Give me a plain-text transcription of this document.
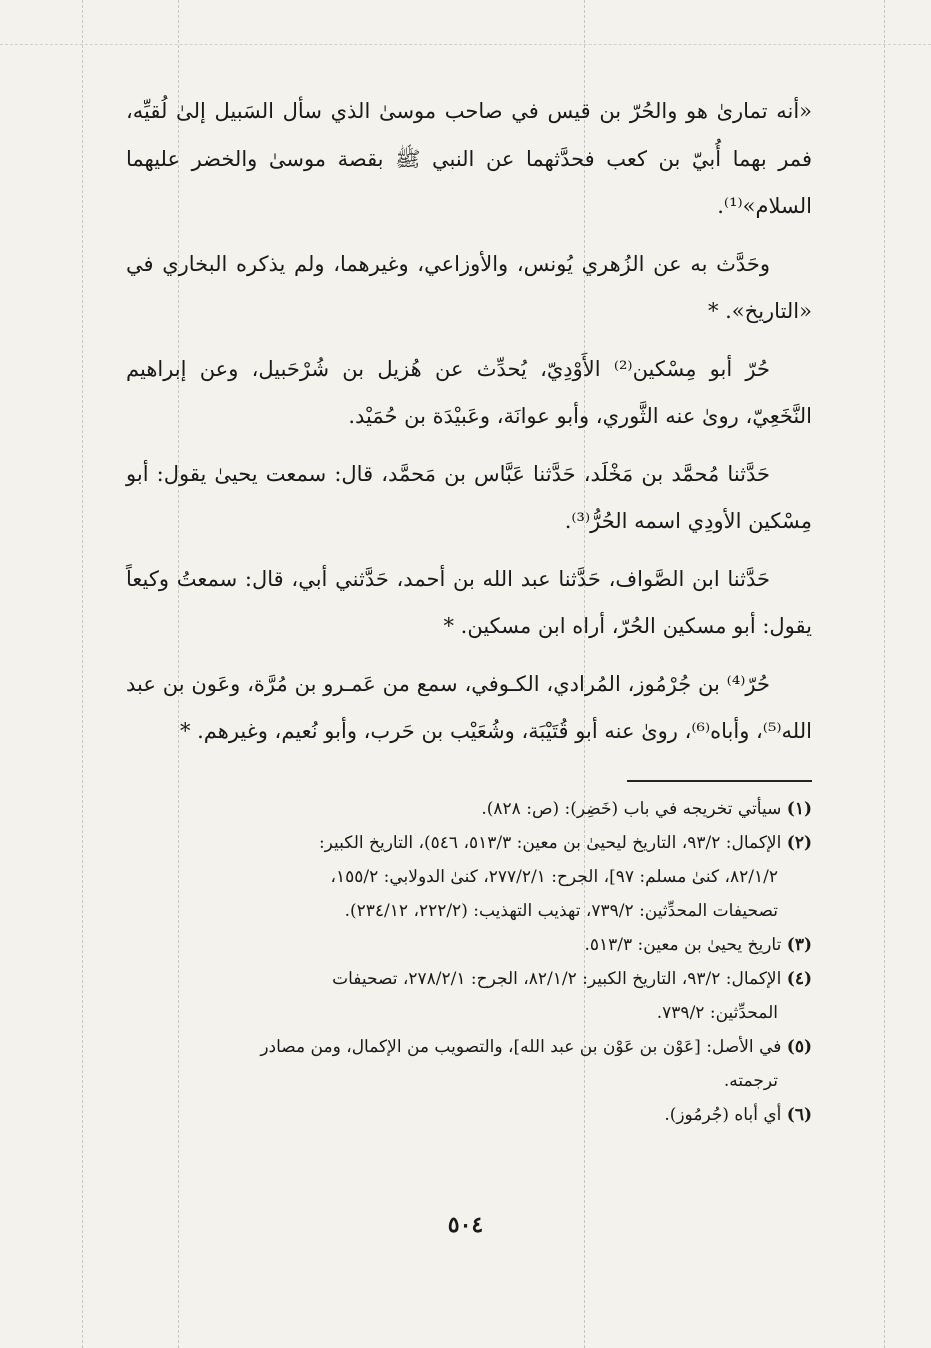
«أنه تمارىٰ هو والحُرّ بن قيس في صاحب موسىٰ الذي سأل السَبيل إلىٰ لُقيِّه، فمر بهما أُبيّ بن كعب فحدَّثهما عن النبي ﷺ بقصة موسىٰ والخضر عليهما السلام»⁽¹⁾.

وحَدَّث به عن الزُهري يُونس، والأوزاعي، وغيرهما، ولم يذكره البخاري في «التاريخ». *

حُرّ أبو مِسْكين⁽²⁾ الأَوْدِيّ، يُحدِّث عن هُزيل بن شُرْحَبيل، وعن إبراهيم النَّخَعِيّ، روىٰ عنه الثَّوري، وأبو عوانَة، وعَبيْدَة بن حُمَيْد.

حَدَّثنا مُحمَّد بن مَخْلَد، حَدَّثنا عَبَّاس بن مَحمَّد، قال: سمعت يحيىٰ يقول: أبو مِسْكين الأودِي اسمه الحُرُّ⁽³⁾.

حَدَّثنا ابن الصَّواف، حَدَّثنا عبد الله بن أحمد، حَدَّثني أبي، قال: سمعتُ وكيعاً يقول: أبو مسكين الحُرّ، أراه ابن مسكين. *

حُرّ⁽⁴⁾ بن جُرْمُوز، المُرادي، الكـوفي، سمع من عَمـرو بن مُرَّة، وعَون بن عبد الله⁽⁵⁾، وأباه⁽⁶⁾، روىٰ عنه أبو قُتَيْبَة، وشُعَيْب بن حَرب، وأبو نُعيم، وغيرهم. *

(١) سيأتي تخريجه في باب (خَضِر): (ص: ٨٢٨).

(٢) الإكمال: ٩٣/٢، التاريخ ليحيىٰ بن معين: ٥١٣/٣، ٥٤٦)، التاريخ الكبير:

٨٢/١/٢، كنىٰ مسلم: ٩٧]، الجرح: ٢٧٧/٢/١، كنىٰ الدولابي: ١٥٥/٢،

تصحيفات المحدِّثين: ٧٣٩/٢، تهذيب التهذيب: (٢٢٢/٢، ٢٣٤/١٢).

(٣) تاريخ يحيىٰ بن معين: ٥١٣/٣.

(٤) الإكمال: ٩٣/٢، التاريخ الكبير: ٨٢/١/٢، الجرح: ٢٧٨/٢/١، تصحيفات

المحدِّثين: ٧٣٩/٢.

(٥) في الأصل: [عَوْن بن عَوْن بن عبد الله]، والتصويب من الإكمال، ومن مصادر

ترجمته.

(٦) أي أباه (جُرمُوز).

٥٠٤
